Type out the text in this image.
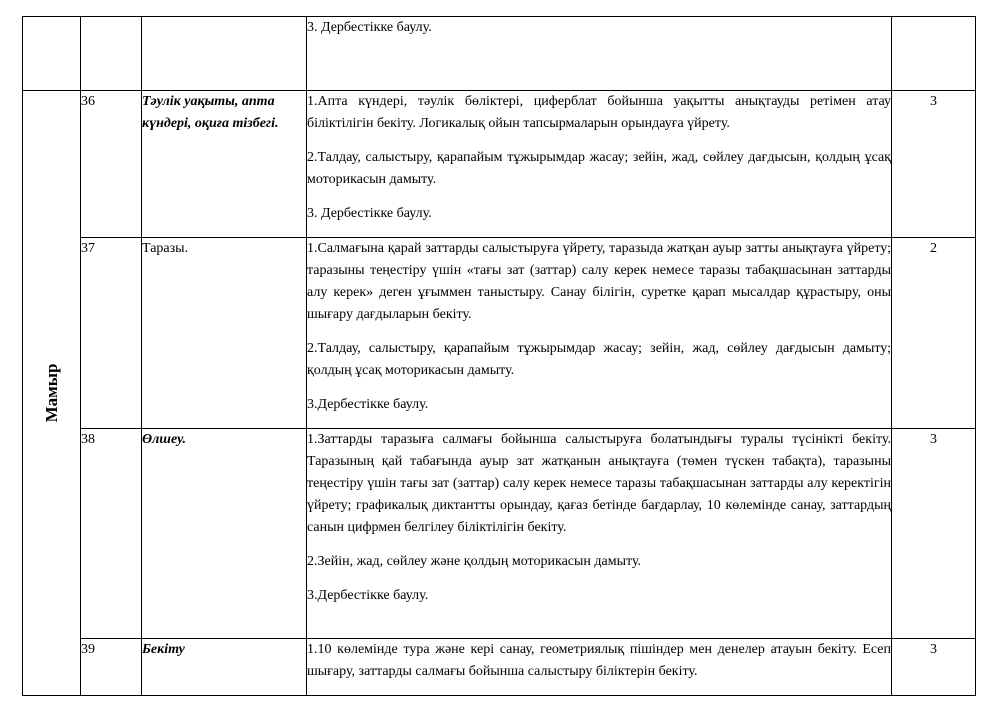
			3. Дербестікке баулу.	

Мамыр	36	Тәулік уақыты, апта күндері, оқиға тізбегі.	1.Апта күндері, тәулік бөліктері, циферблат бойынша уақытты анықтауды ретімен атау біліктілігін бекіту. Логикалық ойын тапсырмаларын орындауға үйрету.

2.Талдау, салыстыру, қарапайым тұжырымдар жасау; зейін, жад, сөйлеу дағдысын, қолдың ұсақ моторикасын дамыту.

3. Дербестікке баулу.	3
	37	Таразы.	1.Салмағына қарай заттарды салыстыруға үйрету, таразыда жатқан ауыр затты анықтауға үйрету; таразыны теңестіру үшін «тағы зат (заттар) салу керек немесе таразы табақшасынан заттарды алу керек» деген ұғыммен таныстыру. Санау білігін, суретке қарап мысалдар құрастыру, оны шығару дағдыларын бекіту.

2.Талдау, салыстыру, қарапайым тұжырымдар жасау; зейін, жад, сөйлеу дағдысын дамыту; қолдың ұсақ моторикасын дамыту.

3.Дербестікке баулу.	2
	38	Өлшеу.	1.Заттарды таразыға салмағы бойынша салыстыруға болатындығы туралы түсінікті бекіту. Таразының қай табағында ауыр зат жатқанын анықтауға (төмен түскен табақта), таразыны теңестіру үшін тағы зат (заттар) салу керек немесе таразы табақшасынан заттарды алу керектігін үйрету; графикалық диктантты орындау, қағаз бетінде бағдарлау, 10 көлемінде санау, заттардың санын цифрмен белгілеу біліктілігін бекіту.

2.Зейін, жад, сөйлеу және қолдың моторикасын дамыту.

3.Дербестікке баулу.	3
	39	Бекіту	1.10 көлемінде тура және кері санау, геометриялық пішіндер мен денелер атауын бекіту. Есеп шығару, заттарды салмағы бойынша салыстыру біліктерін бекіту.	3
